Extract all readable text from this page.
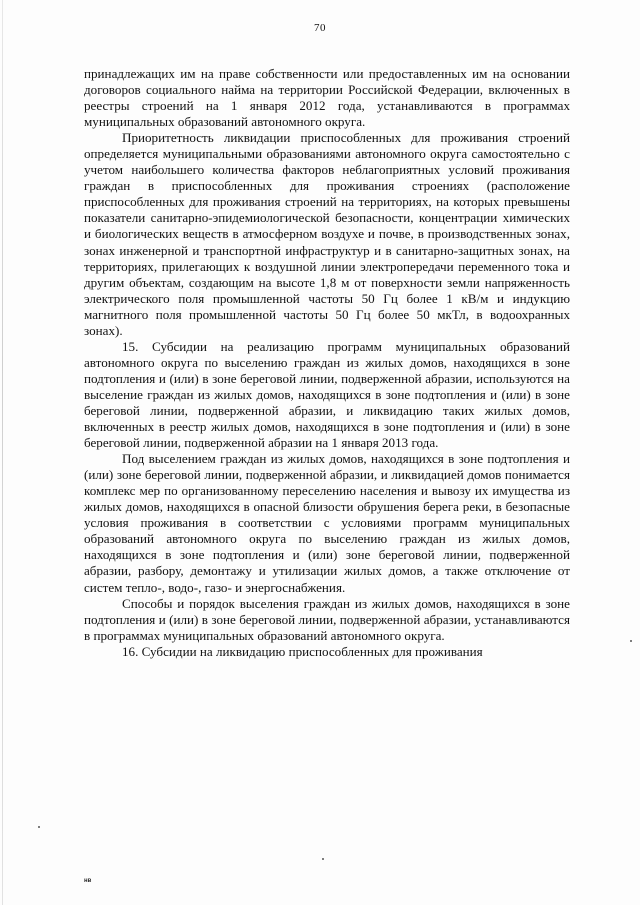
70

принадлежащих им на праве собственности или предоставленных им на основании договоров социального найма на территории Российской Федерации, включенных в реестры строений на 1 января 2012 года, устанавливаются в программах муниципальных образований автономного округа.

Приоритетность ликвидации приспособленных для проживания строений определяется муниципальными образованиями автономного округа самостоятельно с учетом наибольшего количества факторов неблагоприятных условий проживания граждан в приспособленных для проживания строениях (расположение приспособленных для проживания строений на территориях, на которых превышены показатели санитарно-эпидемиологической безопасности, концентрации химических и биологических веществ в атмосферном воздухе и почве, в производственных зонах, зонах инженерной и транспортной инфраструктур и в санитарно-защитных зонах, на территориях, прилегающих к воздушной линии электропередачи переменного тока и другим объектам, создающим на высоте 1,8 м от поверхности земли напряженность электрического поля промышленной частоты 50 Гц более 1 кВ/м и индукцию магнитного поля промышленной частоты 50 Гц более 50 мкТл, в водоохранных зонах).

15. Субсидии на реализацию программ муниципальных образований автономного округа по выселению граждан из жилых домов, находящихся в зоне подтопления и (или) в зоне береговой линии, подверженной абразии, используются на выселение граждан из жилых домов, находящихся в зоне подтопления и (или) в зоне береговой линии, подверженной абразии, и ликвидацию таких жилых домов, включенных в реестр жилых домов, находящихся в зоне подтопления и (или) в зоне береговой линии, подверженной абразии на 1 января 2013 года.

Под выселением граждан из жилых домов, находящихся в зоне подтопления и (или) зоне береговой линии, подверженной абразии, и ликвидацией домов понимается комплекс мер по организованному переселению населения и вывозу их имущества из жилых домов, находящихся в опасной близости обрушения берега реки, в безопасные условия проживания в соответствии с условиями программ муниципальных образований автономного округа по выселению граждан из жилых домов, находящихся в зоне подтопления и (или) зоне береговой линии, подверженной абразии, разбору, демонтажу и утилизации жилых домов, а также отключение от систем тепло-, водо-, газо- и энергоснабжения.

Способы и порядок выселения граждан из жилых домов, находящихся в зоне подтопления и (или) в зоне береговой линии, подверженной абразии, устанавливаются в программах муниципальных образований автономного округа.

16. Субсидии на ликвидацию приспособленных для проживания

нв
